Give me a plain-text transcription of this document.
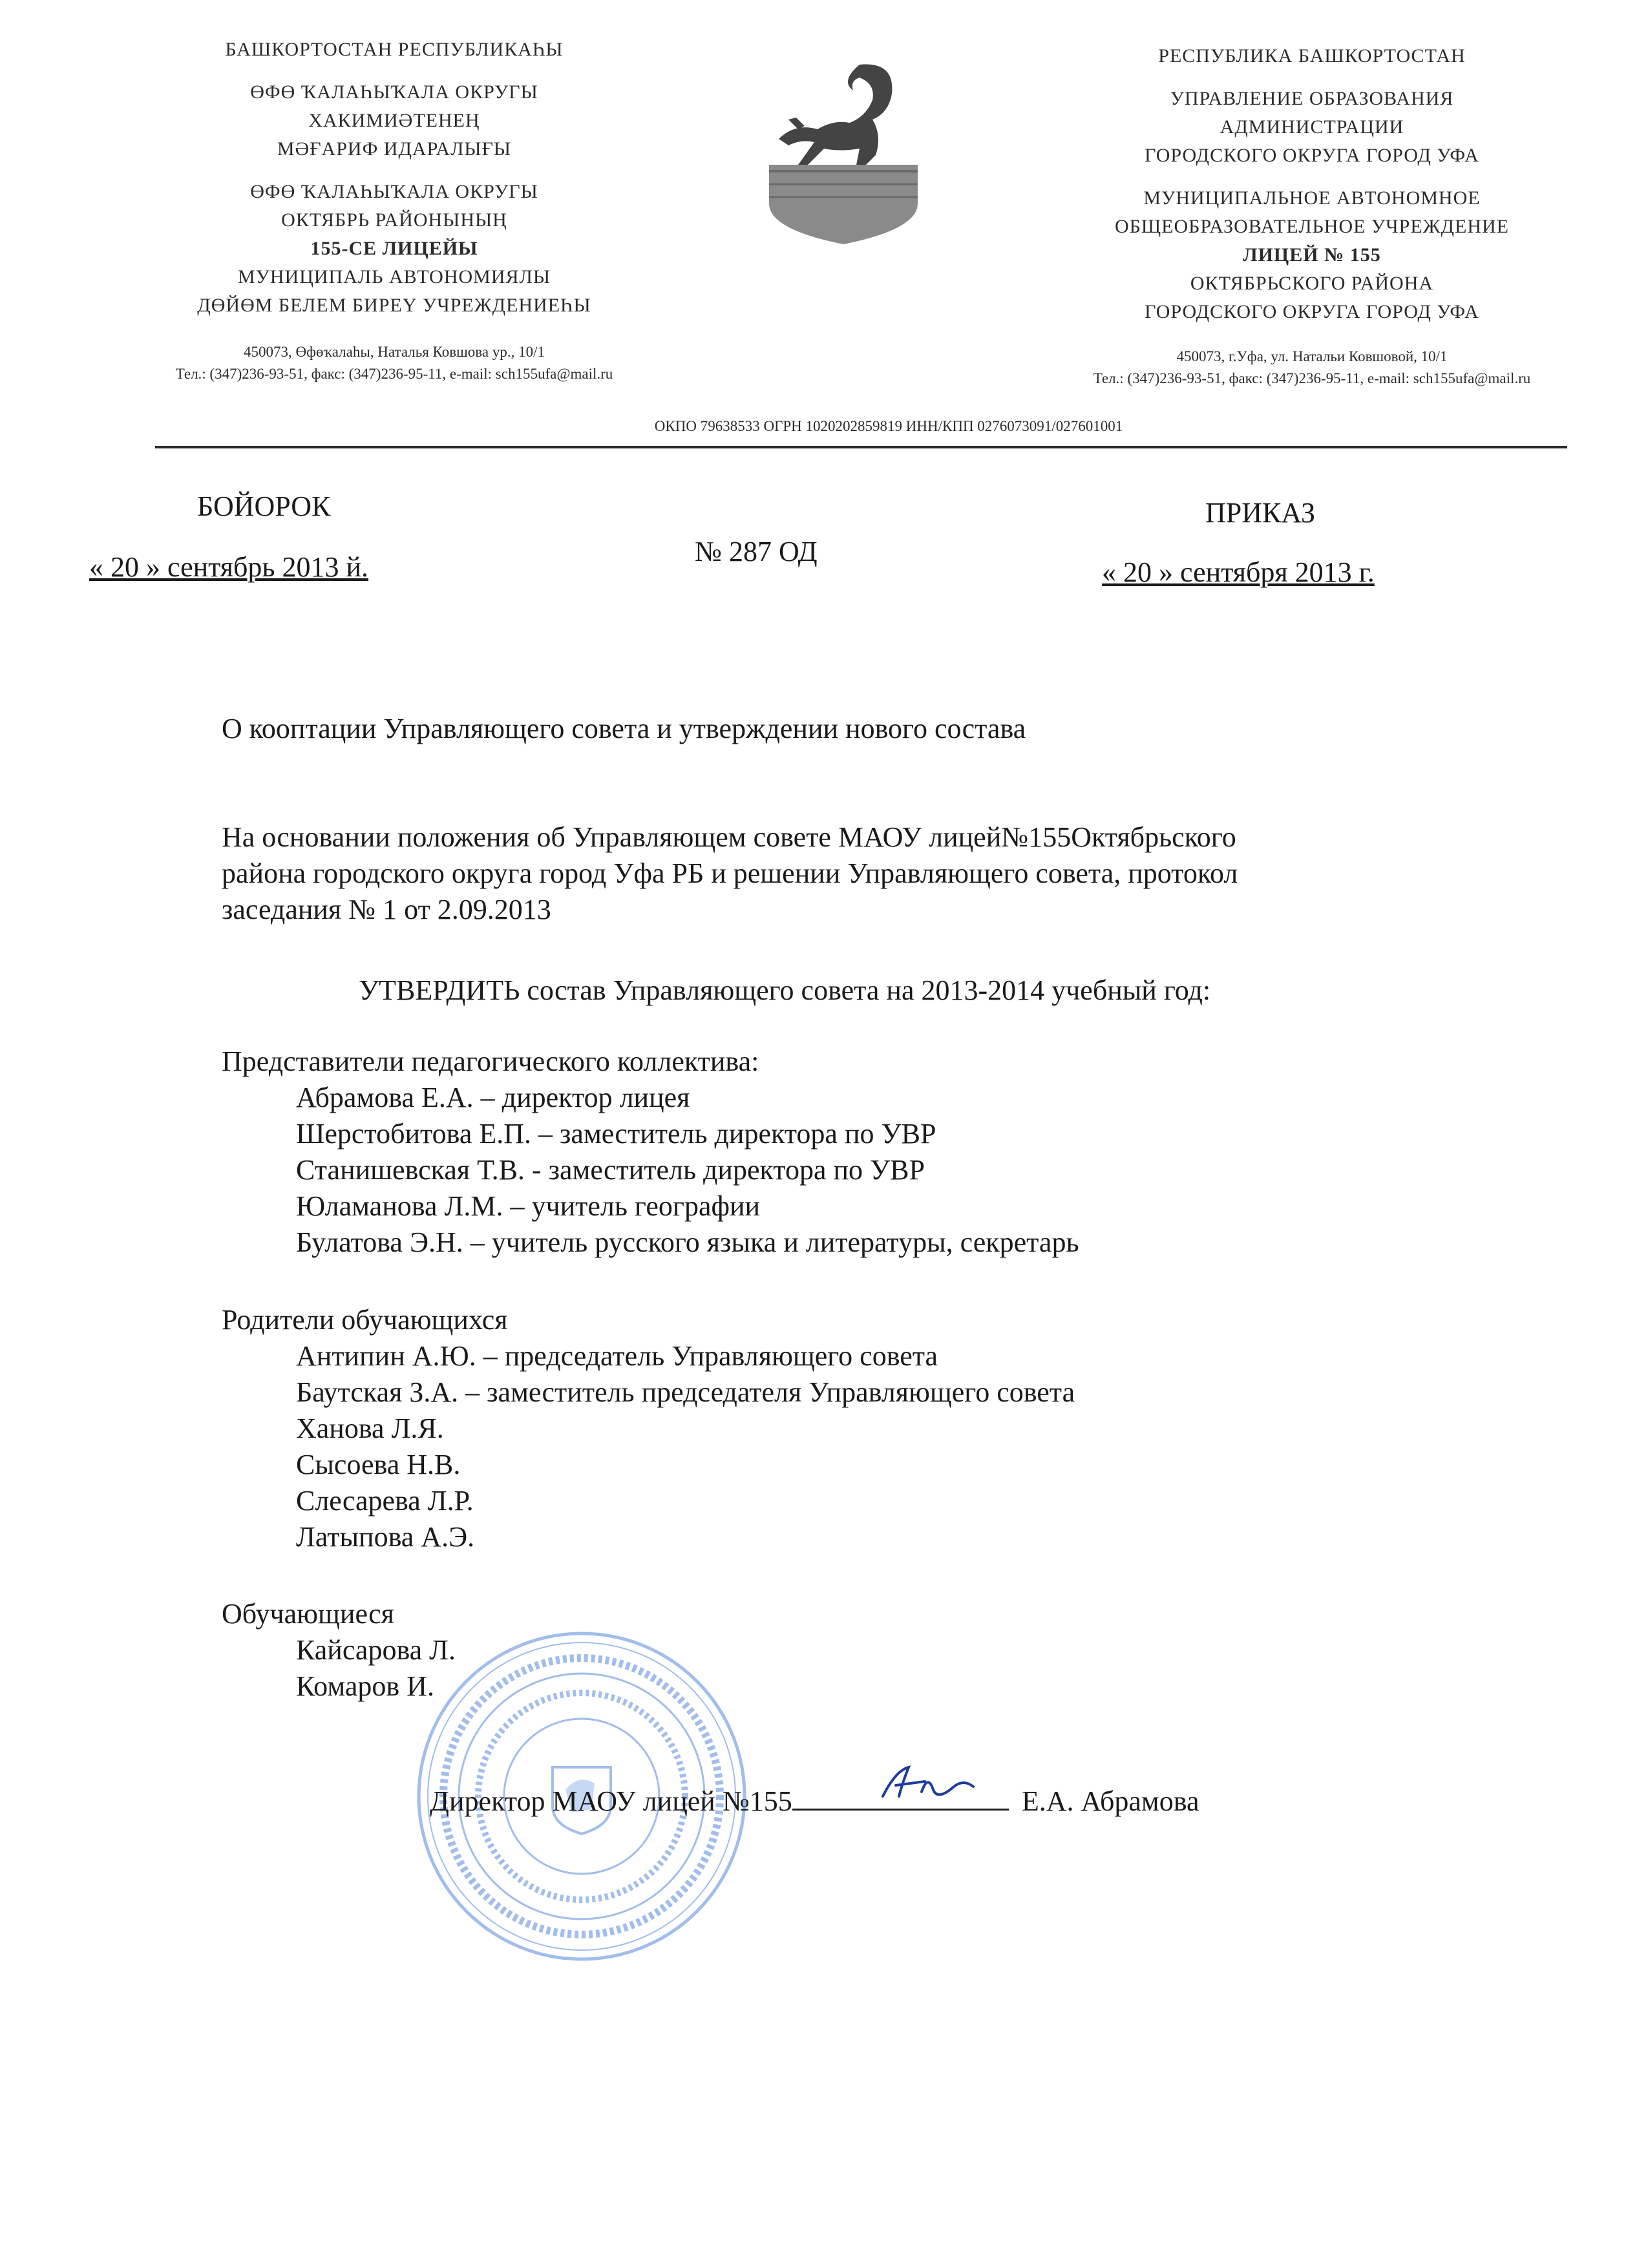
БАШКОРТОСТАН РЕСПУБЛИКАҺЫ
ӨФӨ ҠАЛАҺЫҠАЛА ОКРУГЫ
ХАКИМИӘТЕНЕҢ
МӘҒАРИФ ИДАРАЛЫҒЫ
ӨФӨ ҠАЛАҺЫҠАЛА ОКРУГЫ
ОКТЯБРЬ РАЙОНЫНЫҢ
155-СЕ ЛИЦЕЙЫ
МУНИЦИПАЛЬ АВТОНОМИЯЛЫ
ДӨЙӨМ БЕЛЕМ БИРЕҮ УЧРЕЖДЕНИЕҺЫ
450073, Өфөҡалаһы, Наталья Ковшова ур., 10/1
Тел.: (347)236-93-51, факс: (347)236-95-11, e-mail: sch155ufa@mail.ru
РЕСПУБЛИКА БАШКОРТОСТАН
УПРАВЛЕНИЕ ОБРАЗОВАНИЯ
АДМИНИСТРАЦИИ
ГОРОДСКОГО ОКРУГА ГОРОД УФА
МУНИЦИПАЛЬНОЕ АВТОНОМНОЕ
ОБЩЕОБРАЗОВАТЕЛЬНОЕ УЧРЕЖДЕНИЕ
ЛИЦЕЙ № 155
ОКТЯБРЬСКОГО РАЙОНА
ГОРОДСКОГО ОКРУГА ГОРОД УФА
450073, г.Уфа, ул. Натальи Ковшовой, 10/1
Тел.: (347)236-93-51, факс: (347)236-95-11, e-mail: sch155ufa@mail.ru
ОКПО 79638533 ОГРН 1020202859819 ИНН/КПП 0276073091/027601001
БОЙОРОК
« 20 » сентябрь 2013 й.	№ 287 ОД
ПРИКАЗ
« 20 » сентября 2013 г.
О кооптации Управляющего совета и утверждении нового состава
На основании положения об Управляющем совете МАОУ лицей№155Октябрьского
района городского округа город Уфа РБ и решении Управляющего совета, протокол
заседания № 1 от 2.09.2013
УТВЕРДИТЬ состав Управляющего совета на 2013-2014 учебный год:
Представители педагогического коллектива:
Абрамова Е.А. – директор лицея
Шерстобитова Е.П. – заместитель директора по УВР
Станишевская Т.В. - заместитель директора по УВР
Юламанова Л.М. – учитель географии
Булатова Э.Н. – учитель русского языка и литературы, секретарь
Родители обучающихся
Антипин А.Ю. – председатель Управляющего совета
Баутская З.А. – заместитель председателя Управляющего совета
Ханова Л.Я.
Сысоева Н.В.
Слесарева Л.Р.
Латыпова А.Э.
Обучающиеся
Кайсарова Л.
Комаров И.
Директор МАОУ лицей №155	Е.А. Абрамова
